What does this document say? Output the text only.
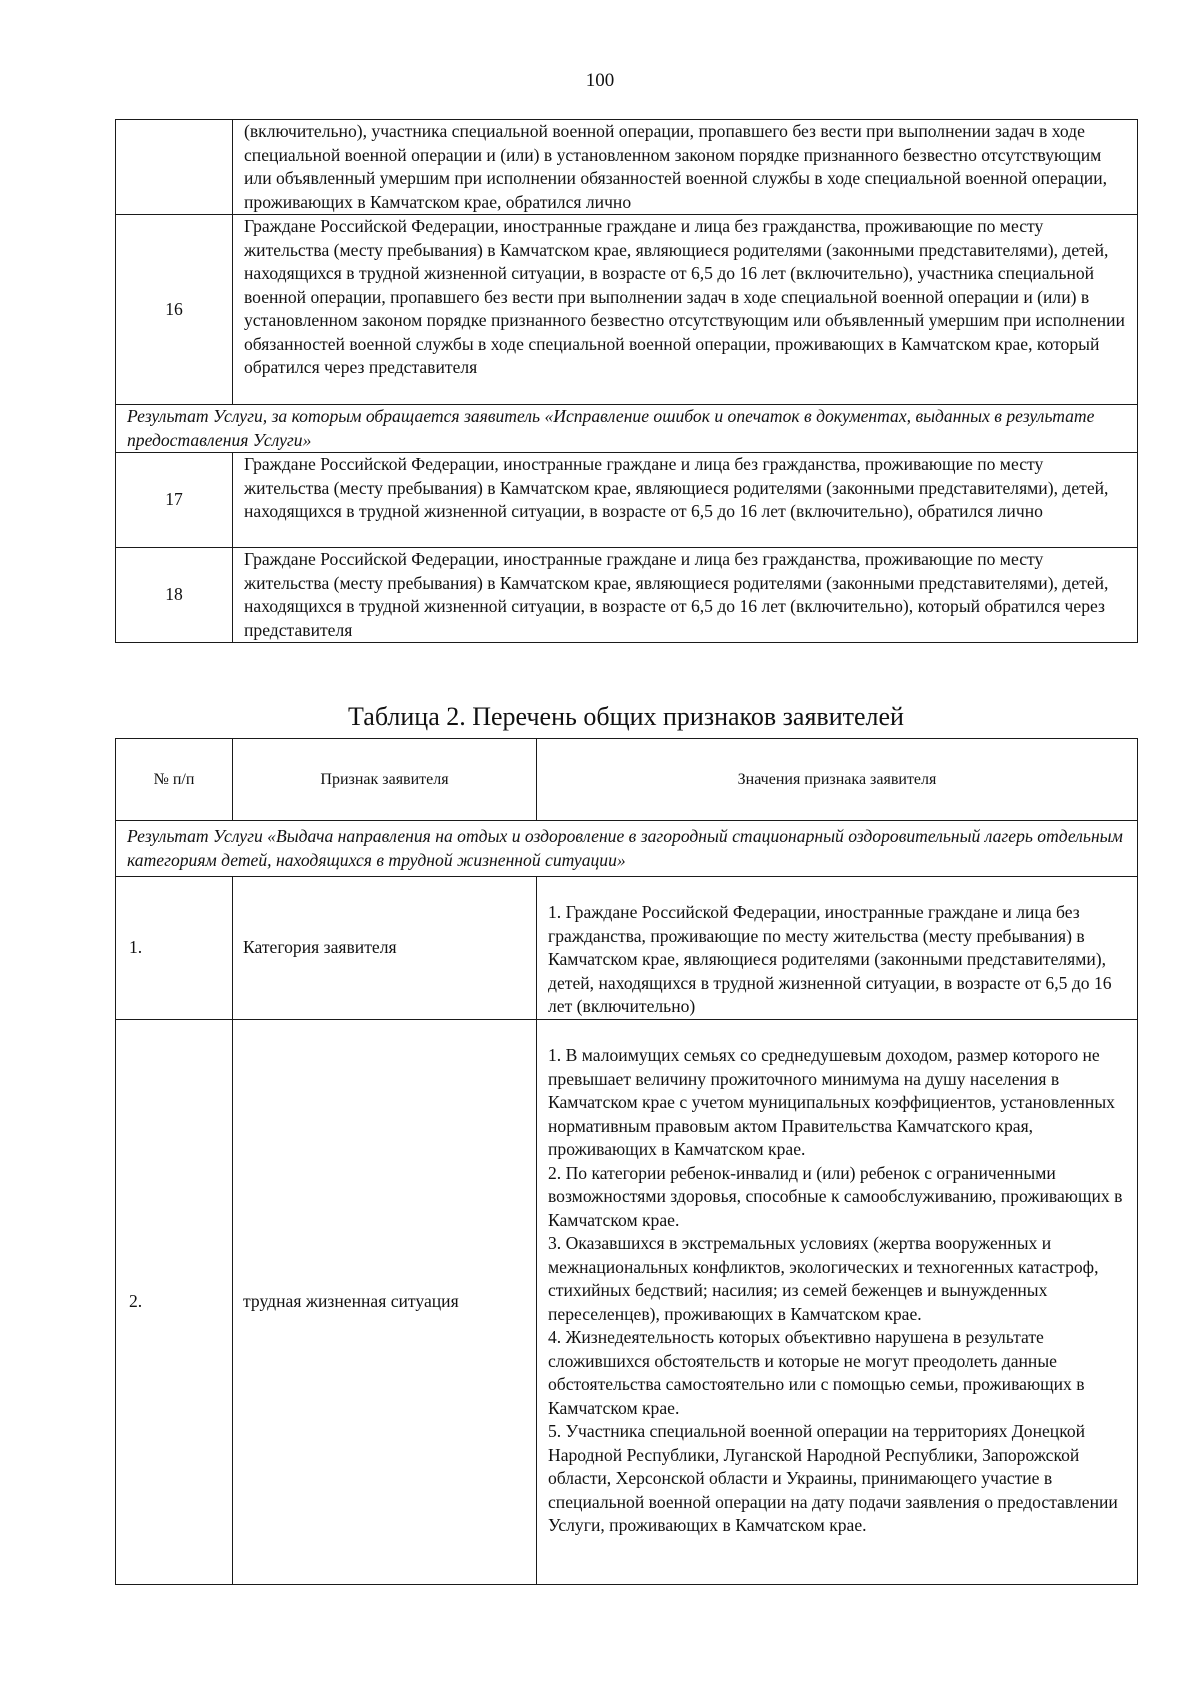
100
	(включительно), участника специальной военной операции, пропавшего без вести при выполнении задач в ходе специальной военной операции и (или) в установленном законом порядке признанного безвестно отсутствующим или объявленный умершим при исполнении обязанностей военной службы в ходе специальной военной операции, проживающих в Камчатском крае, обратился лично
16	Граждане Российской Федерации, иностранные граждане и лица без гражданства, проживающие по месту жительства (месту пребывания) в Камчатском крае, являющиеся родителями (законными представителями), детей, находящихся в трудной жизненной ситуации, в возрасте от 6,5 до 16 лет (включительно), участника специальной военной операции, пропавшего без вести при выполнении задач в ходе специальной военной операции и (или) в установленном законом порядке признанного безвестно отсутствующим или объявленный умершим при исполнении обязанностей военной службы в ходе специальной военной операции, проживающих в Камчатском крае, который обратился через представителя
Результат Услуги, за которым обращается заявитель «Исправление ошибок и опечаток в документах, выданных в результате предоставления Услуги»	
17	Граждане Российской Федерации, иностранные граждане и лица без гражданства, проживающие по месту жительства (месту пребывания) в Камчатском крае, являющиеся родителями (законными представителями), детей, находящихся в трудной жизненной ситуации, в возрасте от 6,5 до 16 лет (включительно), обратился лично
18	Граждане Российской Федерации, иностранные граждане и лица без гражданства, проживающие по месту жительства (месту пребывания) в Камчатском крае, являющиеся родителями (законными представителями), детей, находящихся в трудной жизненной ситуации, в возрасте от 6,5 до 16 лет (включительно), который обратился через представителя
Таблица 2. Перечень общих признаков заявителей
№ п/п	Признак заявителя	Значения признака заявителя
Результат Услуги «Выдача направления на отдых и оздоровление в загородный стационарный оздоровительный лагерь отдельным категориям детей, находящихся в трудной жизненной ситуации»		
1.	Категория заявителя	1. Граждане Российской Федерации, иностранные граждане и лица без гражданства, проживающие по месту жительства (месту пребывания) в Камчатском крае, являющиеся родителями (законными представителями), детей, находящихся в трудной жизненной ситуации, в возрасте от 6,5 до 16 лет (включительно)

2.	трудная жизненная ситуация	1. В малоимущих семьях со среднедушевым доходом, размер которого не превышает величину прожиточного минимума на душу населения в Камчатском крае с учетом муниципальных коэффициентов, установленных нормативным правовым актом Правительства Камчатского края, проживающих в Камчатском крае.

2. По категории ребенок-инвалид и (или) ребенок с ограниченными возможностями здоровья, способные к самообслуживанию, проживающих в Камчатском крае.

3. Оказавшихся в экстремальных условиях (жертва вооруженных и межнациональных конфликтов, экологических и техногенных катастроф, стихийных бедствий; насилия; из семей беженцев и вынужденных переселенцев), проживающих в Камчатском крае.

4. Жизнедеятельность которых объективно нарушена в результате сложившихся обстоятельств и которые не могут преодолеть данные обстоятельства самостоятельно или с помощью семьи, проживающих в Камчатском крае.

5. Участника специальной военной операции на территориях Донецкой Народной Республики, Луганской Народной Республики, Запорожской области, Херсонской области и Украины, принимающего участие в специальной военной операции на дату подачи заявления о предоставлении Услуги, проживающих в Камчатском крае.
